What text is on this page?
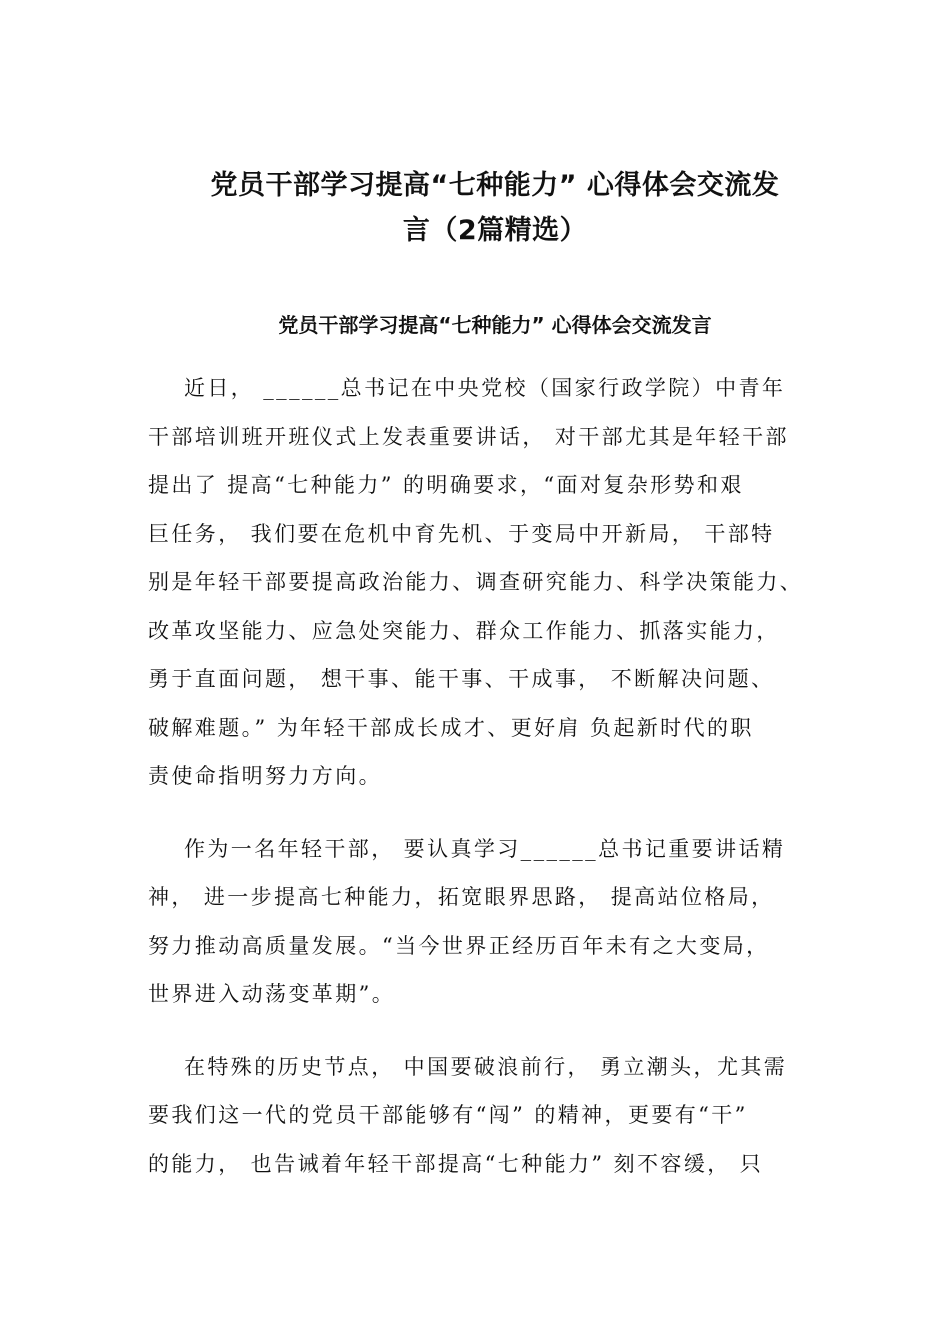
党员干部学习提高“七种能力” 心得体会交流发
言（2篇精选）
党员干部学习提高“七种能力” 心得体会交流发言
近日， ______总书记在中央党校（国家行政学院）中青年
干部培训班开班仪式上发表重要讲话， 对干部尤其是年轻干部
提出了 提高“七种能力” 的明确要求，“面对复杂形势和艰
巨任务， 我们要在危机中育先机、于变局中开新局， 干部特
别是年轻干部要提高政治能力、调查研究能力、科学决策能力、
改革攻坚能力、应急处突能力、群众工作能力、抓落实能力，
勇于直面问题， 想干事、能干事、干成事， 不断解决问题、
破解难题。” 为年轻干部成长成才、更好肩 负起新时代的职
责使命指明努力方向。
作为一名年轻干部， 要认真学习______总书记重要讲话精
神， 进一步提高七种能力，拓宽眼界思路， 提高站位格局，
努力推动高质量发展。“当今世界正经历百年未有之大变局，
世界进入动荡变革期”。
在特殊的历史节点， 中国要破浪前行， 勇立潮头，尤其需
要我们这一代的党员干部能够有“闯” 的精神，更要有“干”
的能力， 也告诫着年轻干部提高“七种能力” 刻不容缓， 只
